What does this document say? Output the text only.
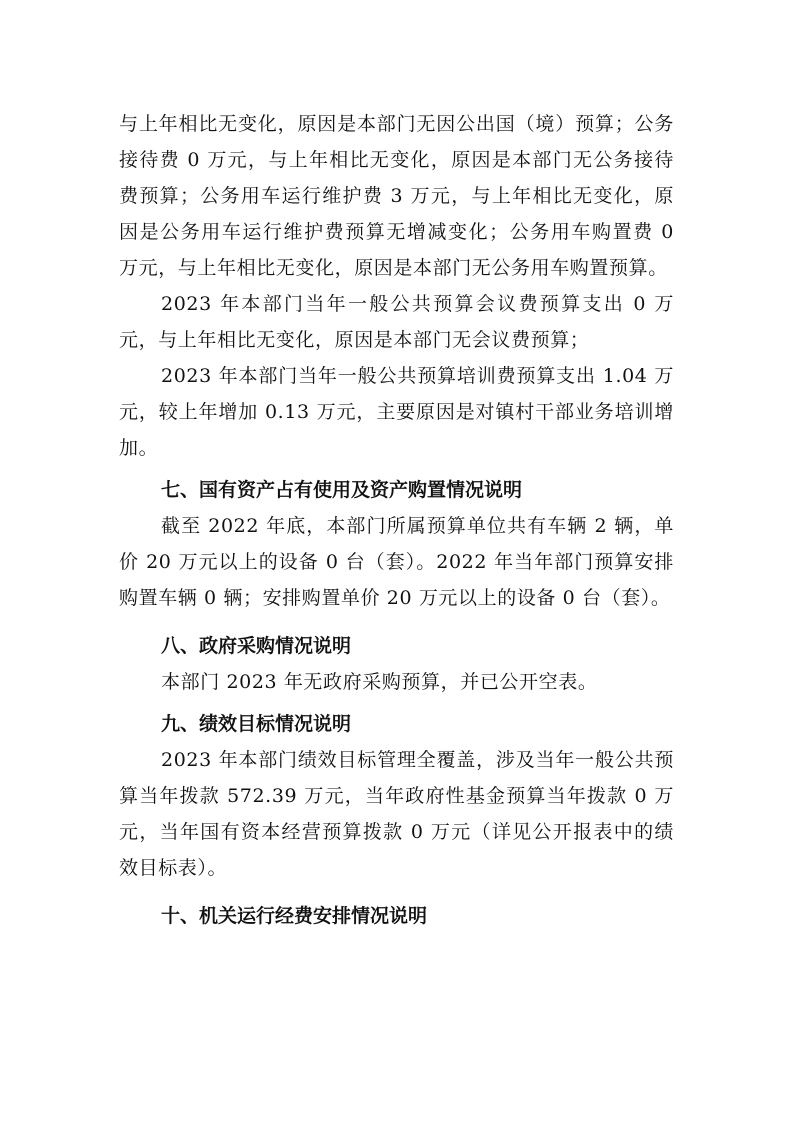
与上年相比无变化，原因是本部门无因公出国（境）预算；公务接待费 0 万元，与上年相比无变化，原因是本部门无公务接待费预算；公务用车运行维护费 3 万元，与上年相比无变化，原因是公务用车运行维护费预算无增减变化；公务用车购置费 0 万元，与上年相比无变化，原因是本部门无公务用车购置预算。

2023 年本部门当年一般公共预算会议费预算支出 0 万元，与上年相比无变化，原因是本部门无会议费预算；

2023 年本部门当年一般公共预算培训费预算支出 1.04 万元，较上年增加 0.13 万元，主要原因是对镇村干部业务培训增加。

七、国有资产占有使用及资产购置情况说明

截至 2022 年底，本部门所属预算单位共有车辆 2 辆，单价 20 万元以上的设备 0 台（套）。2022 年当年部门预算安排购置车辆 0 辆；安排购置单价 20 万元以上的设备 0 台（套）。

八、政府采购情况说明

本部门 2023 年无政府采购预算，并已公开空表。

九、绩效目标情况说明

2023 年本部门绩效目标管理全覆盖，涉及当年一般公共预算当年拨款 572.39 万元，当年政府性基金预算当年拨款 0 万元，当年国有资本经营预算拨款 0 万元（详见公开报表中的绩效目标表）。

十、机关运行经费安排情况说明
